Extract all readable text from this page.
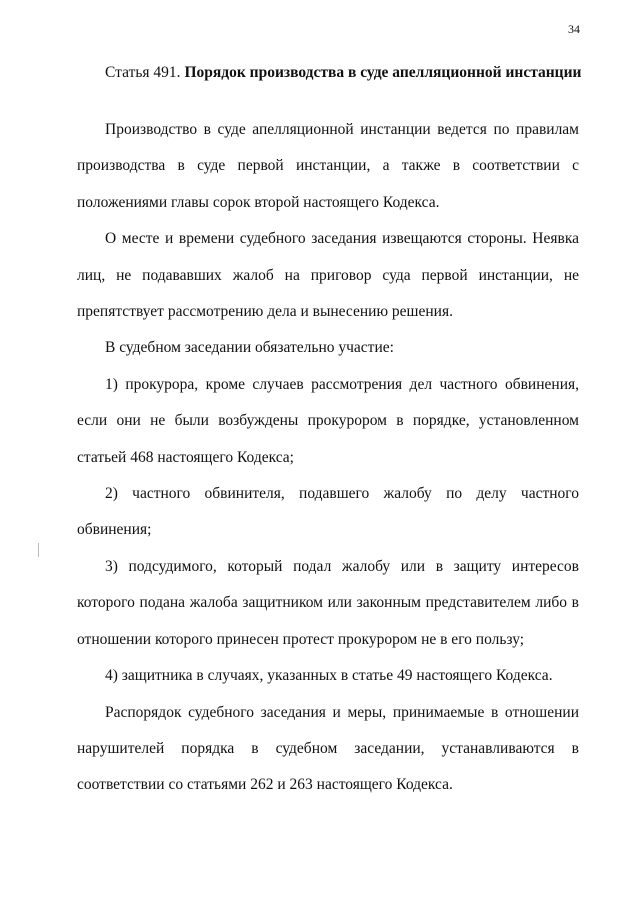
34
Статья 491. Порядок производства в суде апелляционной инстанции

Производство в суде апелляционной инстанции ведется по правилам производства в суде первой инстанции, а также в соответствии с положениями главы сорок второй настоящего Кодекса.

О месте и времени судебного заседания извещаются стороны. Неявка лиц, не подававших жалоб на приговор суда первой инстанции, не препятствует рассмотрению дела и вынесению решения.

В судебном заседании обязательно участие:

1) прокурора, кроме случаев рассмотрения дел частного обвинения, если они не были возбуждены прокурором в порядке, установленном статьей 468 настоящего Кодекса;

2) частного обвинителя, подавшего жалобу по делу частного обвинения;

3) подсудимого, который подал жалобу или в защиту интересов которого подана жалоба защитником или законным представителем либо в отношении которого принесен протест прокурором не в его пользу;

4) защитника в случаях, указанных в статье 49 настоящего Кодекса.

Распорядок судебного заседания и меры, принимаемые в отношении нарушителей порядка в судебном заседании, устанавливаются в соответствии со статьями 262 и 263 настоящего Кодекса.
